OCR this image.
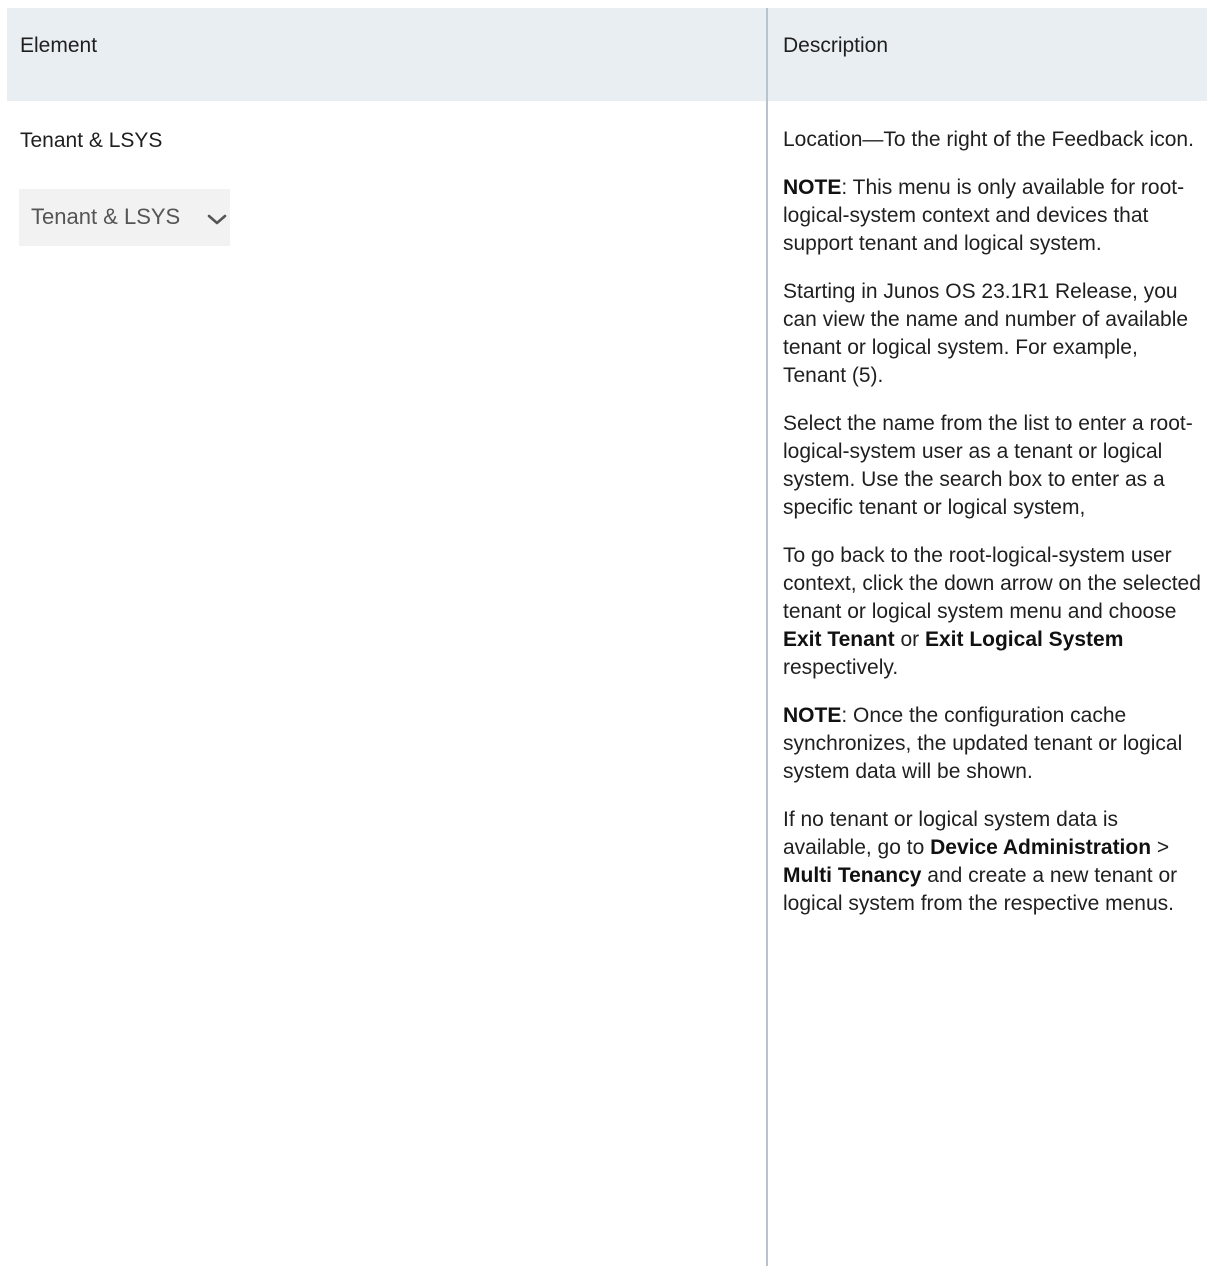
Element	Description
Tenant & LSYS
Tenant & LSYS

Location—To the right of the Feedback icon.

NOTE: This menu is only available for root-logical-system context and devices that support tenant and logical system.

Starting in Junos OS 23.1R1 Release, you can view the name and number of available tenant or logical system. For example, Tenant (5).

Select the name from the list to enter a root-logical-system user as a tenant or logical system. Use the search box to enter as a specific tenant or logical system,

To go back to the root-logical-system user context, click the down arrow on the selected tenant or logical system menu and choose Exit Tenant or Exit Logical System respectively.

NOTE: Once the configuration cache synchronizes, the updated tenant or logical system data will be shown.

If no tenant or logical system data is available, go to Device Administration > Multi Tenancy and create a new tenant or logical system from the respective menus.
